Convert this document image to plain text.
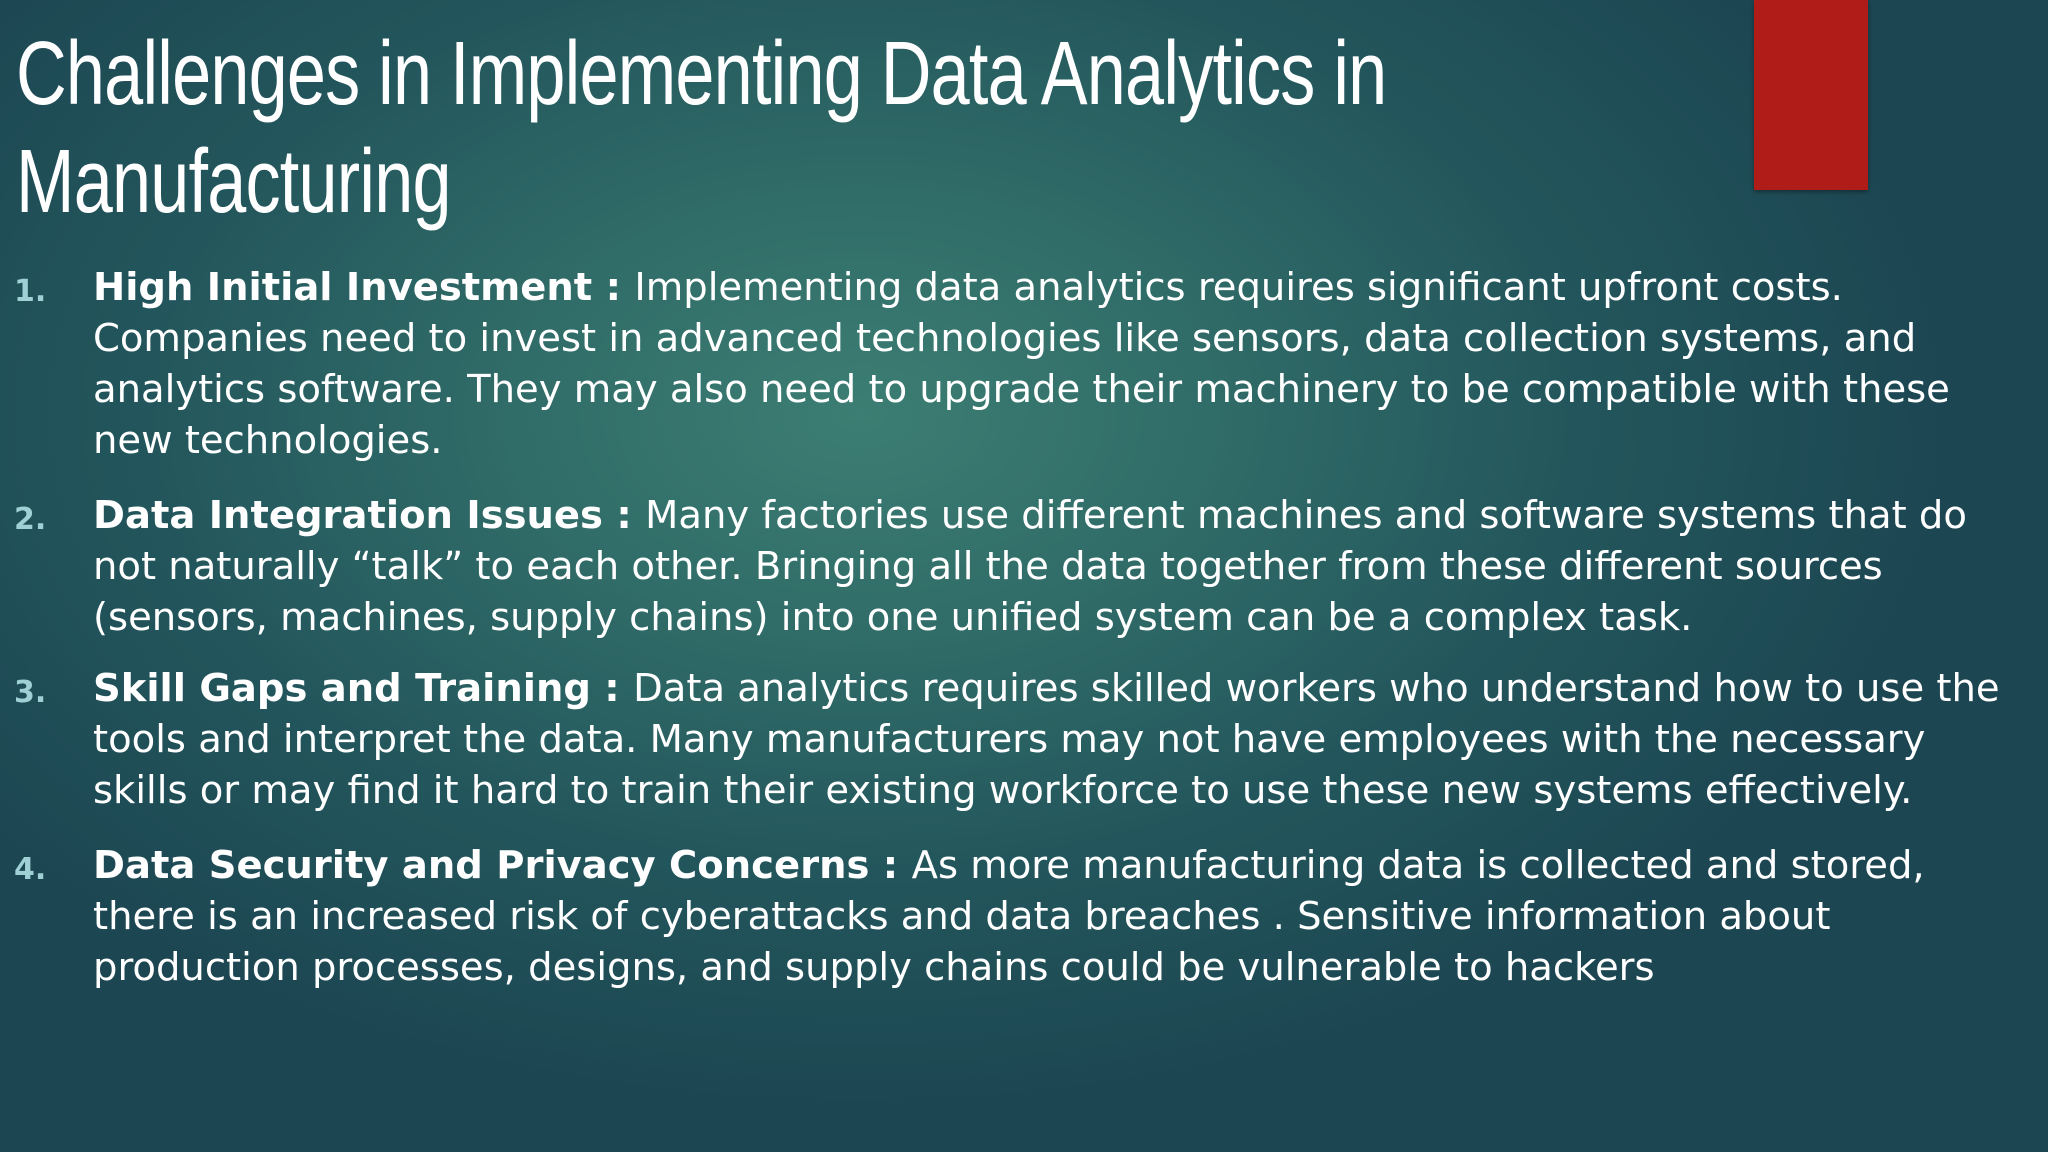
Challenges in Implementing Data Analytics in
Manufacturing
1. High Initial Investment : Implementing data analytics requires significant upfront costs. Companies need to invest in advanced technologies like sensors, data collection systems, and analytics software. They may also need to upgrade their machinery to be compatible with these new technologies.
2. Data Integration Issues : Many factories use different machines and software systems that do not naturally “talk” to each other. Bringing all the data together from these different sources (sensors, machines, supply chains) into one unified system can be a complex task.
3. Skill Gaps and Training : Data analytics requires skilled workers who understand how to use the tools and interpret the data. Many manufacturers may not have employees with the necessary skills or may find it hard to train their existing workforce to use these new systems effectively.
4. Data Security and Privacy Concerns : As more manufacturing data is collected and stored, there is an increased risk of cyberattacks and data breaches . Sensitive information about production processes, designs, and supply chains could be vulnerable to hackers
